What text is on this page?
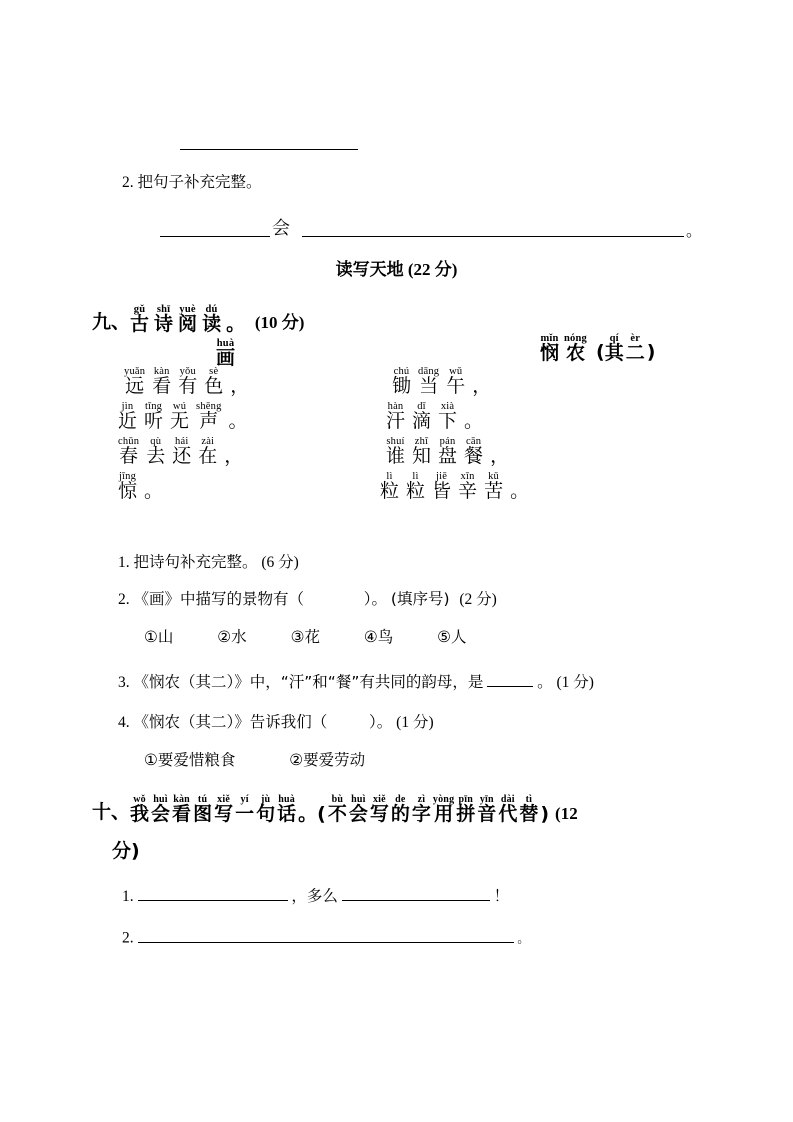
2. 把句子补充完整。
会	。
读写天地 (22 分)
九、
gǔ
古
shī
诗
yuè
阅
dú
读 。 (10 分)
huà
画
mǐn
悯
nóng
农 (
qí
其
èr
二 )
yuǎn
远
kàn
看
yǒu
有
sè
色 ，
jìn
近
tīng
听
wú
无
shēng
声 。
chūn
春
qù
去
hái
还
zài
在 ，
jīng
惊 。
chú
锄
dāng
当
wǔ
午 ，
hàn
汗
dī
滴
xià
下 。
shuí
谁
zhī
知
pán
盘
cān
餐 ，
lì
粒
lì
粒
jiē
皆
xīn
辛
kǔ
苦 。
1. 把诗句补充完整。 (6 分)
2. 《画》中描写的景物有（	）。 (填序号) (2 分)
①山	②水	③花	④鸟	⑤人
3. 《悯农（其二）》中，“汗”和“餐”有共同的韵母，是	。 (1 分)
4. 《悯农（其二）》告诉我们（	）。 (1 分)
①要爱惜粮食	②要爱劳动
十、
wǒ
我
huì
会
kàn
看
tú
图
xiě
写
yí
一
jù
句
huà
话 。(
bù
不
huì
会
xiě
写
de
的
zì
字
yòng
用
pīn
拼
yīn
音
dài
代
tì
替 ) (12
分)
1.	，多么	！
2.	。
